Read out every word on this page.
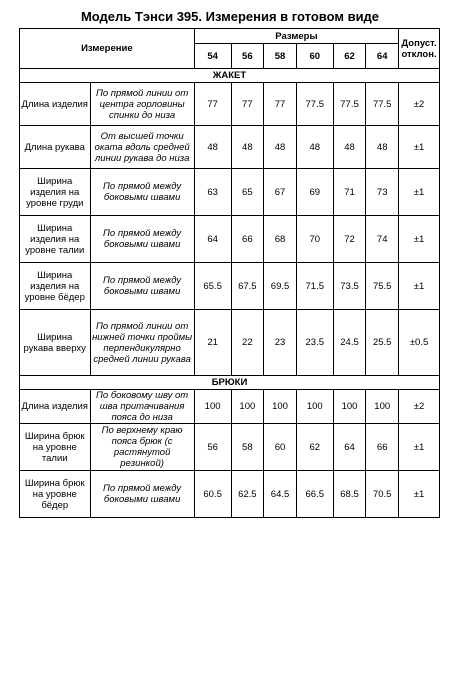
Модель Тэнси 395. Измерения в готовом виде
Измерение		Размеры						Допуст. отклон.
		54	56	58	60	62	64	
ЖАКЕТ								
Длина изделия	По прямой линии от центра горловины спинки до низа	77	77	77	77.5	77.5	77.5	±2
Длина рукава	От высшей точки оката вдоль средней линии рукава до низа	48	48	48	48	48	48	±1
Ширина изделия на уровне груди	По прямой между боковыми швами	63	65	67	69	71	73	±1
Ширина изделия на уровне талии	По прямой между боковыми швами	64	66	68	70	72	74	±1
Ширина изделия на уровне бёдер	По прямой между боковыми швами	65.5	67.5	69.5	71.5	73.5	75.5	±1
Ширина рукава вверху	По прямой линии от нижней точки проймы перпендикулярно средней линии рукава	21	22	23	23.5	24.5	25.5	±0.5
БРЮКИ								
Длина изделия	По боковому шву от шва притачивания пояса до низа	100	100	100	100	100	100	±2
Ширина брюк на уровне талии	По верхнему краю пояса брюк (с растянутой резинкой)	56	58	60	62	64	66	±1
Ширина брюк на уровне бёдер	По прямой между боковыми швами	60.5	62.5	64.5	66.5	68.5	70.5	±1
